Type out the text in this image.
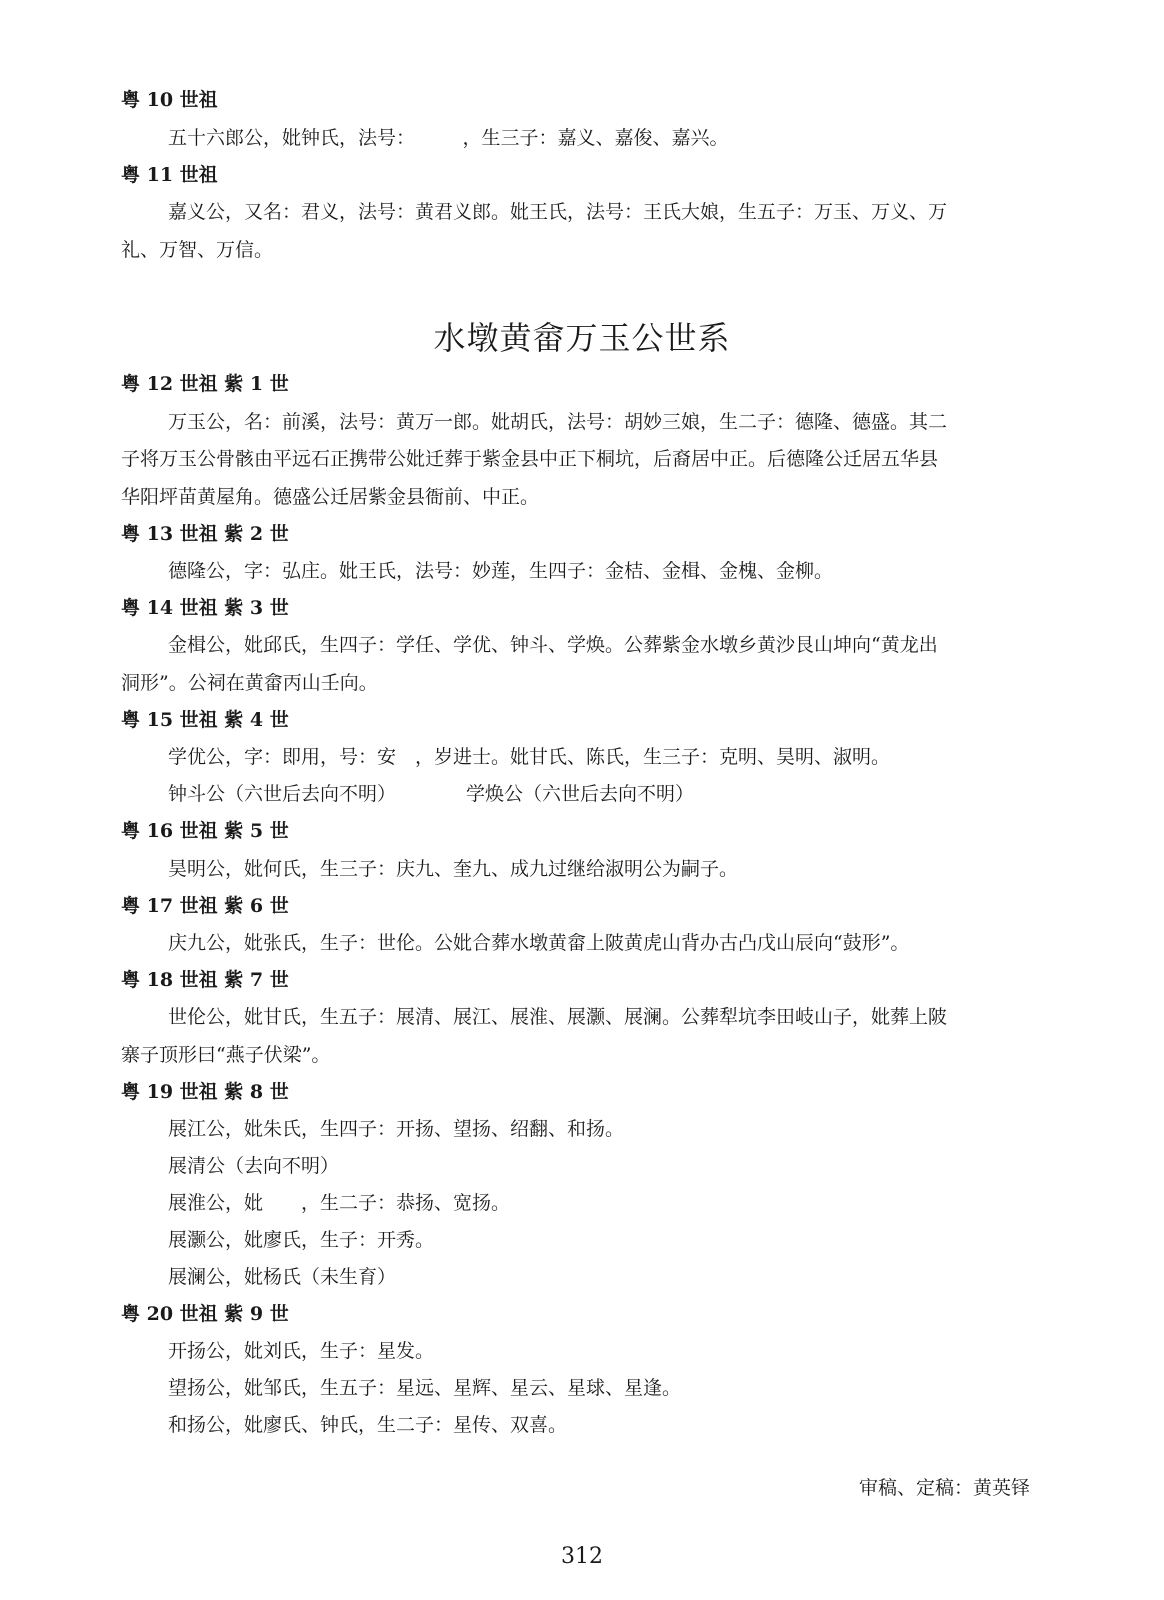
粤 10 世祖
五十六郎公，妣钟氏，法号：　　　，生三子：嘉义、嘉俊、嘉兴。
粤 11 世祖
嘉义公，又名：君义，法号：黄君义郎。妣王氏，法号：王氏大娘，生五子：万玉、万义、万
礼、万智、万信。
水墩黄畲万玉公世系
粤 12 世祖 紫 1 世
万玉公，名：前溪，法号：黄万一郎。妣胡氏，法号：胡妙三娘，生二子：德隆、德盛。其二
子将万玉公骨骸由平远石正携带公妣迁葬于紫金县中正下桐坑，后裔居中正。后德隆公迁居五华县
华阳坪苗黄屋角。德盛公迁居紫金县衙前、中正。
粤 13 世祖 紫 2 世
德隆公，字：弘庄。妣王氏，法号：妙莲，生四子：金桔、金楫、金槐、金柳。
粤 14 世祖 紫 3 世
金楫公，妣邱氏，生四子：学任、学优、钟斗、学焕。公葬紫金水墩乡黄沙艮山坤向“黄龙出
洞形”。公祠在黄畲丙山壬向。
粤 15 世祖 紫 4 世
学优公，字：即用，号：安　，岁进士。妣甘氏、陈氏，生三子：克明、昊明、淑明。
钟斗公（六世后去向不明）	学焕公（六世后去向不明）
粤 16 世祖 紫 5 世
昊明公，妣何氏，生三子：庆九、奎九、成九过继给淑明公为嗣子。
粤 17 世祖 紫 6 世
庆九公，妣张氏，生子：世伦。公妣合葬水墩黄畲上陂黄虎山背办古凸戊山辰向“鼓形”。
粤 18 世祖 紫 7 世
世伦公，妣甘氏，生五子：展清、展江、展淮、展灏、展澜。公葬犁坑李田岐山子，妣葬上陂
寨子顶形曰“燕子伏梁”。
粤 19 世祖 紫 8 世
展江公，妣朱氏，生四子：开扬、望扬、绍翻、和扬。
展清公（去向不明）
展淮公，妣　　，生二子：恭扬、宽扬。
展灏公，妣廖氏，生子：开秀。
展澜公，妣杨氏（未生育）
粤 20 世祖 紫 9 世
开扬公，妣刘氏，生子：星发。
望扬公，妣邹氏，生五子：星远、星辉、星云、星球、星逢。
和扬公，妣廖氏、钟氏，生二子：星传、双喜。
审稿、定稿：黄英铎
312
